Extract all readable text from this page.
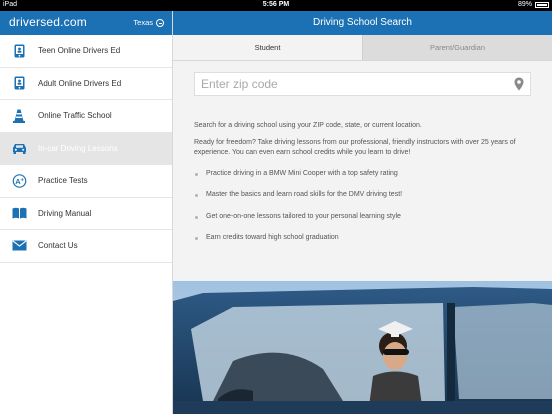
iPad	5:56 PM	89%
driversed.com	Texas
Teen Online Drivers Ed
Adult Online Drivers Ed
Online Traffic School
In-car Driving Lessons
A + Practice Tests
Driving Manual
Contact Us
Driving School Search
Student	Parent/Guardian
Enter zip code

Search for a driving school using your ZIP code, state, or current location.

Ready for freedom? Take driving lessons from our professional, friendly instructors with over 25 years of experience. You can even earn school credits while you learn to drive!

Practice driving in a BMW Mini Cooper with a top safety rating
Master the basics and learn road skills for the DMV driving test!
Get one-on-one lessons tailored to your personal learning style
Earn credits toward high school graduation
